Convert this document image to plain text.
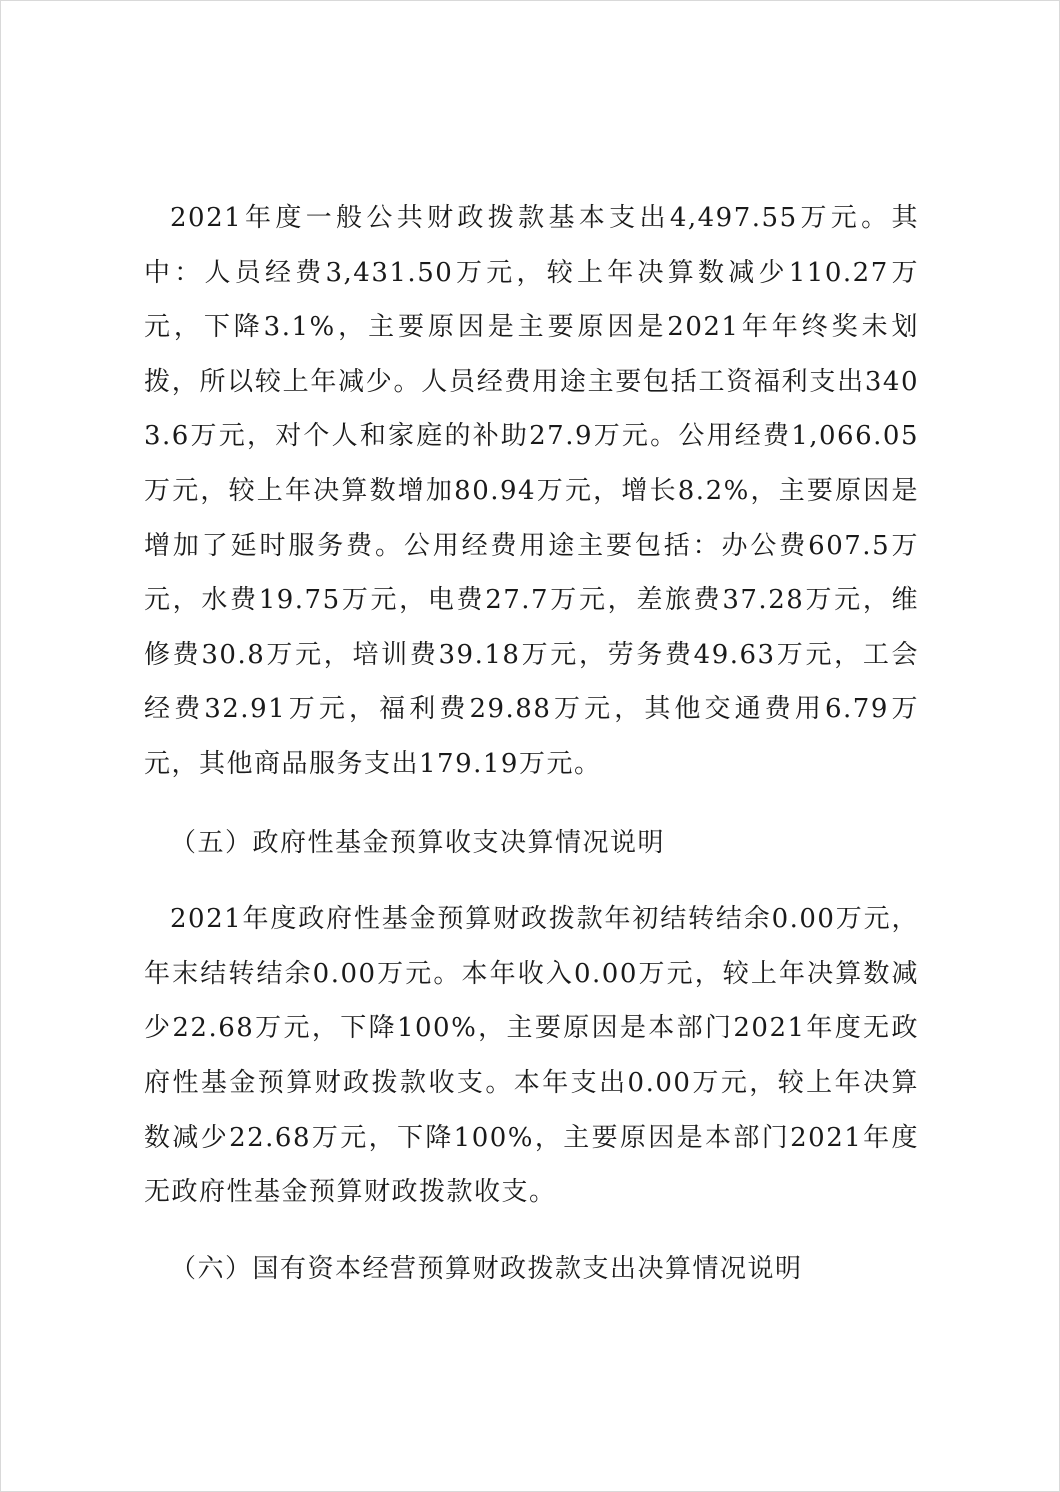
2021年度一般公共财政拨款基本支出4,497.55万元。其中：人员经费3,431.50万元，较上年决算数减少110.27万元，下降3.1%，主要原因是主要原因是2021年年终奖未划拨，所以较上年减少。人员经费用途主要包括工资福利支出3403.6万元，对个人和家庭的补助27.9万元。公用经费1,066.05万元，较上年决算数增加80.94万元，增长8.2%，主要原因是增加了延时服务费。公用经费用途主要包括：办公费607.5万元，水费19.75万元，电费27.7万元，差旅费37.28万元，维修费30.8万元，培训费39.18万元，劳务费49.63万元，工会经费32.91万元，福利费29.88万元，其他交通费用6.79万元，其他商品服务支出179.19万元。

（五）政府性基金预算收支决算情况说明

2021年度政府性基金预算财政拨款年初结转结余0.00万元，年末结转结余0.00万元。本年收入0.00万元，较上年决算数减少22.68万元，下降100%，主要原因是本部门2021年度无政府性基金预算财政拨款收支。本年支出0.00万元，较上年决算数减少22.68万元，下降100%，主要原因是本部门2021年度无政府性基金预算财政拨款收支。

（六）国有资本经营预算财政拨款支出决算情况说明
